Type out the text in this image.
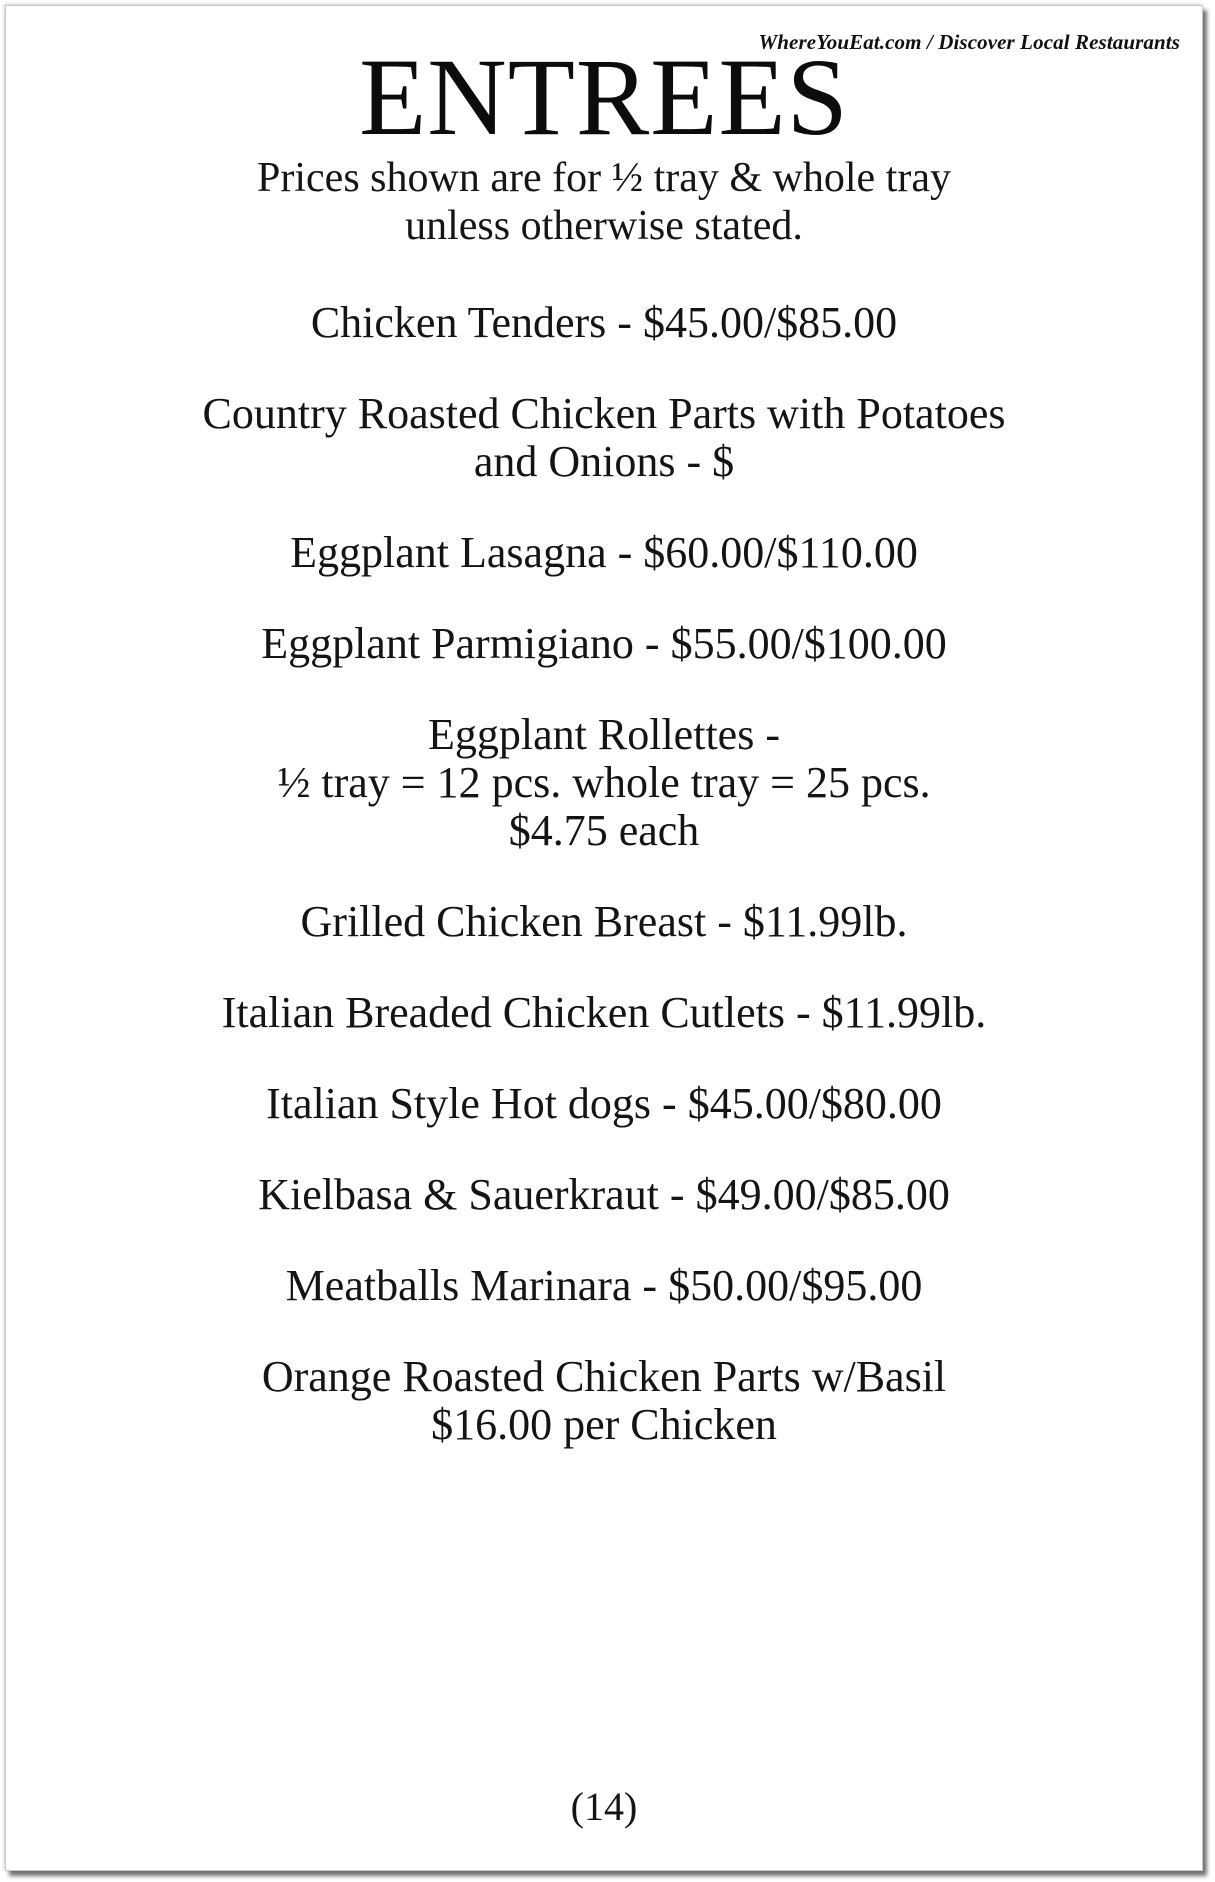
WhereYouEat.com / Discover Local Restaurants
ENTREES
Prices shown are for ½ tray & whole tray
unless otherwise stated.
Chicken Tenders - $45.00/$85.00
Country Roasted Chicken Parts with Potatoes
and Onions - $
Eggplant Lasagna - $60.00/$110.00
Eggplant Parmigiano - $55.00/$100.00
Eggplant Rollettes -
½ tray = 12 pcs. whole tray = 25 pcs.
$4.75 each
Grilled Chicken Breast - $11.99lb.
Italian Breaded Chicken Cutlets - $11.99lb.
Italian Style Hot dogs - $45.00/$80.00
Kielbasa & Sauerkraut - $49.00/$85.00
Meatballs Marinara - $50.00/$95.00
Orange Roasted Chicken Parts w/Basil
$16.00 per Chicken
(14)
